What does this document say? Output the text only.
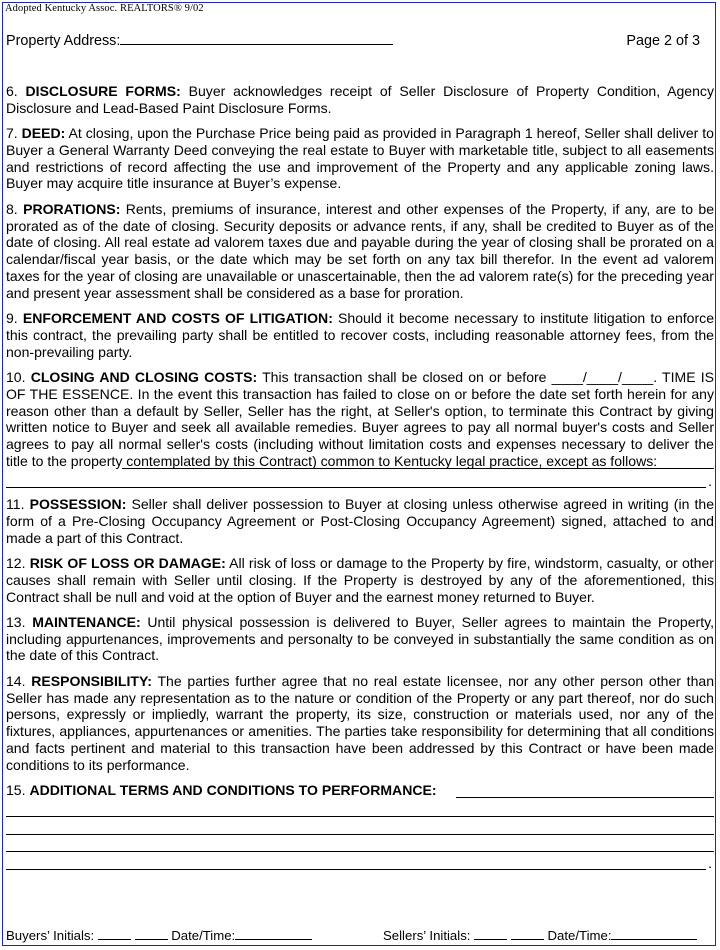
Adopted Kentucky Assoc. REALTORS® 9/02
Property Address:	Page 2 of 3

6. DISCLOSURE FORMS: Buyer acknowledges receipt of Seller Disclosure of Property Condition, Agency Disclosure and Lead-Based Paint Disclosure Forms.

7. DEED: At closing, upon the Purchase Price being paid as provided in Paragraph 1 hereof, Seller shall deliver to Buyer a General Warranty Deed conveying the real estate to Buyer with marketable title, subject to all easements and restrictions of record affecting the use and improvement of the Property and any applicable zoning laws. Buyer may acquire title insurance at Buyer’s expense.

8. PRORATIONS: Rents, premiums of insurance, interest and other expenses of the Property, if any, are to be prorated as of the date of closing. Security deposits or advance rents, if any, shall be credited to Buyer as of the date of closing. All real estate ad valorem taxes due and payable during the year of closing shall be prorated on a calendar/fiscal year basis, or the date which may be set forth on any tax bill therefor. In the event ad valorem taxes for the year of closing are unavailable or unascertainable, then the ad valorem rate(s) for the preceding year and present year assessment shall be considered as a base for proration.

9. ENFORCEMENT AND COSTS OF LITIGATION: Should it become necessary to institute litigation to enforce this contract, the prevailing party shall be entitled to recover costs, including reasonable attorney fees, from the non-prevailing party.

10. CLOSING AND CLOSING COSTS: This transaction shall be closed on or before ____/____/____. TIME IS OF THE ESSENCE. In the event this transaction has failed to close on or before the date set forth herein for any reason other than a default by Seller, Seller has the right, at Seller's option, to terminate this Contract by giving written notice to Buyer and seek all available remedies. Buyer agrees to pay all normal buyer's costs and Seller agrees to pay all normal seller's costs (including without limitation costs and expenses necessary to deliver the title to the property contemplated by this Contract) common to Kentucky legal practice, except as follows:
.

11. POSSESSION: Seller shall deliver possession to Buyer at closing unless otherwise agreed in writing (in the form of a Pre-Closing Occupancy Agreement or Post-Closing Occupancy Agreement) signed, attached to and made a part of this Contract.

12. RISK OF LOSS OR DAMAGE: All risk of loss or damage to the Property by fire, windstorm, casualty, or other causes shall remain with Seller until closing. If the Property is destroyed by any of the aforementioned, this Contract shall be null and void at the option of Buyer and the earnest money returned to Buyer.

13. MAINTENANCE: Until physical possession is delivered to Buyer, Seller agrees to maintain the Property, including appurtenances, improvements and personalty to be conveyed in substantially the same condition as on the date of this Contract.

14. RESPONSIBILITY: The parties further agree that no real estate licensee, nor any other person other than Seller has made any representation as to the nature or condition of the Property or any part thereof, nor do such persons, expressly or impliedly, warrant the property, its size, construction or materials used, nor any of the fixtures, appliances, appurtenances or amenities. The parties take responsibility for determining that all conditions and facts pertinent and material to this transaction have been addressed by this Contract or have been made conditions to its performance.

15. ADDITIONAL TERMS AND CONDITIONS TO PERFORMANCE:
.
Buyers’ Initials:	Date/Time:	Sellers’ Initials:	Date/Time:
